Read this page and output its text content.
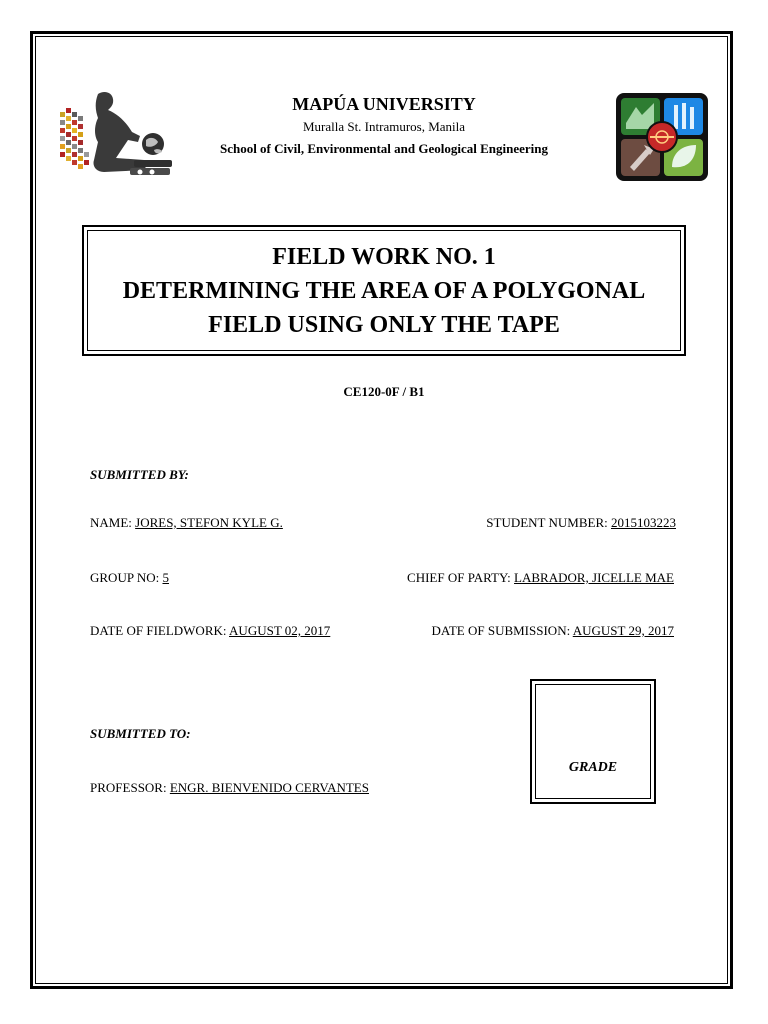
MAPÚA UNIVERSITY
Muralla St. Intramuros, Manila
School of Civil, Environmental and Geological Engineering
FIELD WORK NO. 1
DETERMINING THE AREA OF A POLYGONAL
FIELD USING ONLY THE TAPE
CE120-0F / B1
SUBMITTED BY:
NAME: JORES, STEFON KYLE G.	STUDENT NUMBER: 2015103223
GROUP NO: 5	CHIEF OF PARTY: LABRADOR, JICELLE MAE
DATE OF FIELDWORK: AUGUST 02, 2017	DATE OF SUBMISSION: AUGUST 29, 2017
SUBMITTED TO:
PROFESSOR: ENGR. BIENVENIDO CERVANTES
GRADE
